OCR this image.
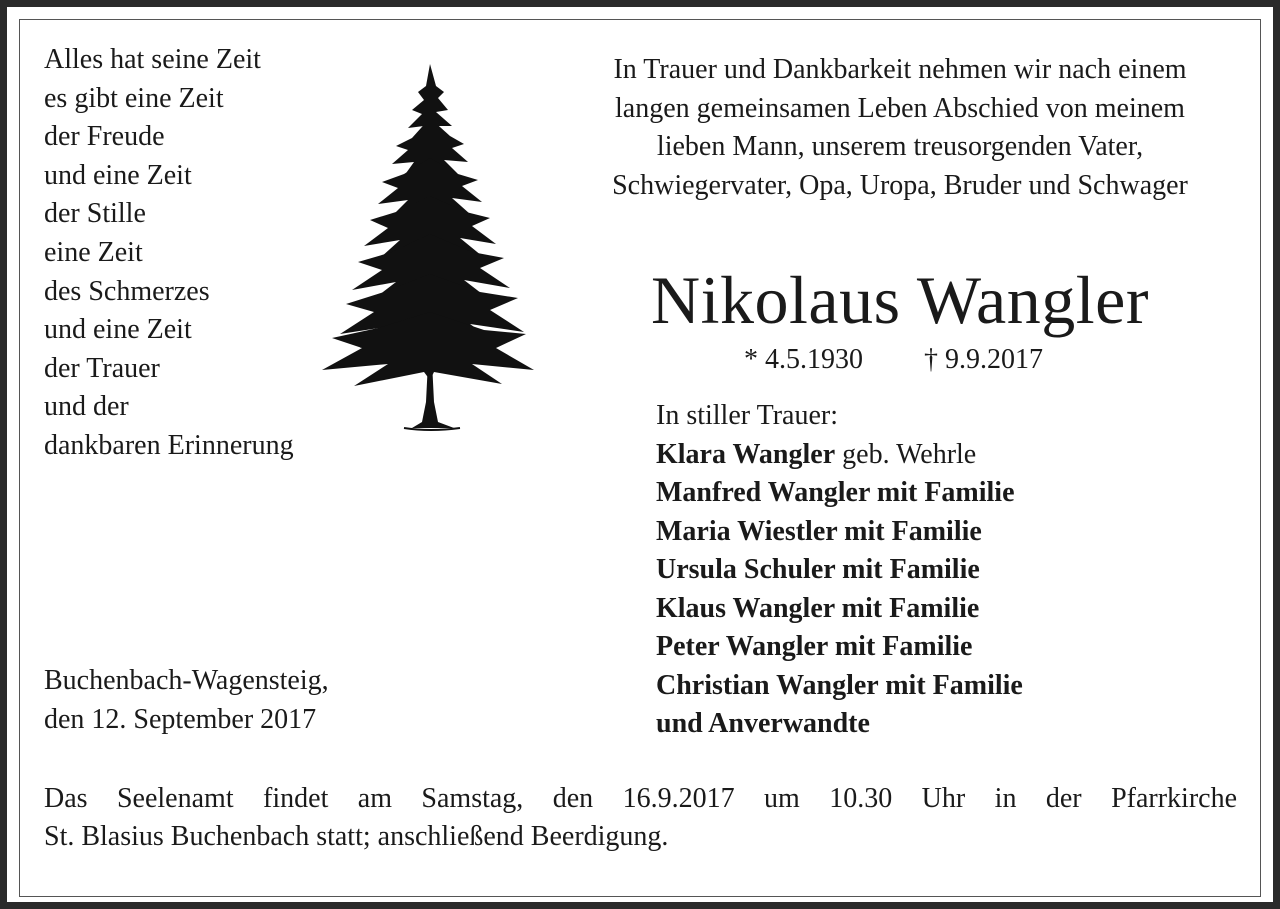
Alles hat seine Zeit
es gibt eine Zeit
der Freude
und eine Zeit
der Stille
eine Zeit
des Schmerzes
und eine Zeit
der Trauer
und der
dankbaren Erinnerung
In Trauer und Dankbarkeit nehmen wir nach einem
langen gemeinsamen Leben Abschied von meinem
lieben Mann, unserem treusorgenden Vater,
Schwiegervater, Opa, Uropa, Bruder und Schwager
Nikolaus Wangler
* 4.5.1930 † 9.9.2017
In stiller Trauer:
Klara Wangler geb. Wehrle
Manfred Wangler mit Familie
Maria Wiestler mit Familie
Ursula Schuler mit Familie
Klaus Wangler mit Familie
Peter Wangler mit Familie
Christian Wangler mit Familie
und Anverwandte
Buchenbach-Wagensteig,
den 12. September 2017
Das Seelenamt findet am Samstag, den 16.9.2017 um 10.30 Uhr in der Pfarrkirche
St. Blasius Buchenbach statt; anschließend Beerdigung.
